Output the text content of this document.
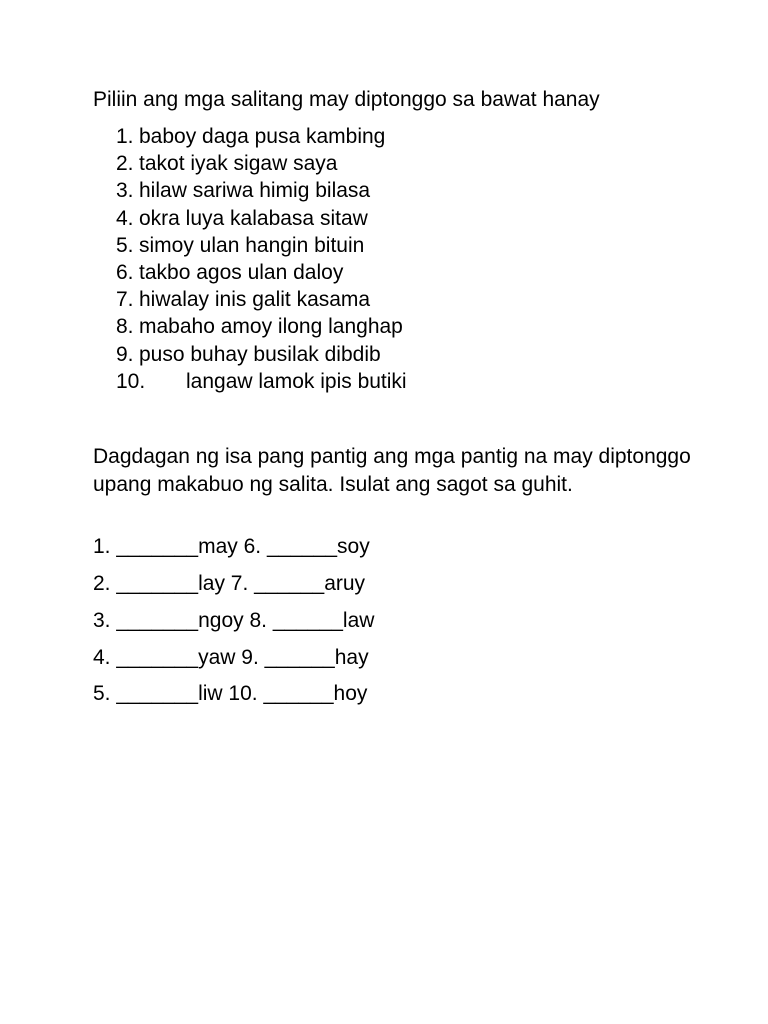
Piliin ang mga salitang may diptonggo sa bawat hanay
1. baboy daga pusa kambing
2. takot iyak sigaw saya
3. hilaw sariwa himig bilasa
4. okra luya kalabasa sitaw
5. simoy ulan hangin bituin
6. takbo agos ulan daloy
7. hiwalay inis galit kasama
8. mabaho amoy ilong langhap
9. puso buhay busilak dibdib
10. langaw lamok ipis butiki
Dagdagan ng isa pang pantig ang mga pantig na may diptonggo upang makabuo ng salita. Isulat ang sagot sa guhit.
1. _______may 6. ______soy
2. _______lay 7. ______aruy
3. _______ngoy 8. ______law
4. _______yaw 9. ______hay
5. _______liw 10. ______hoy
